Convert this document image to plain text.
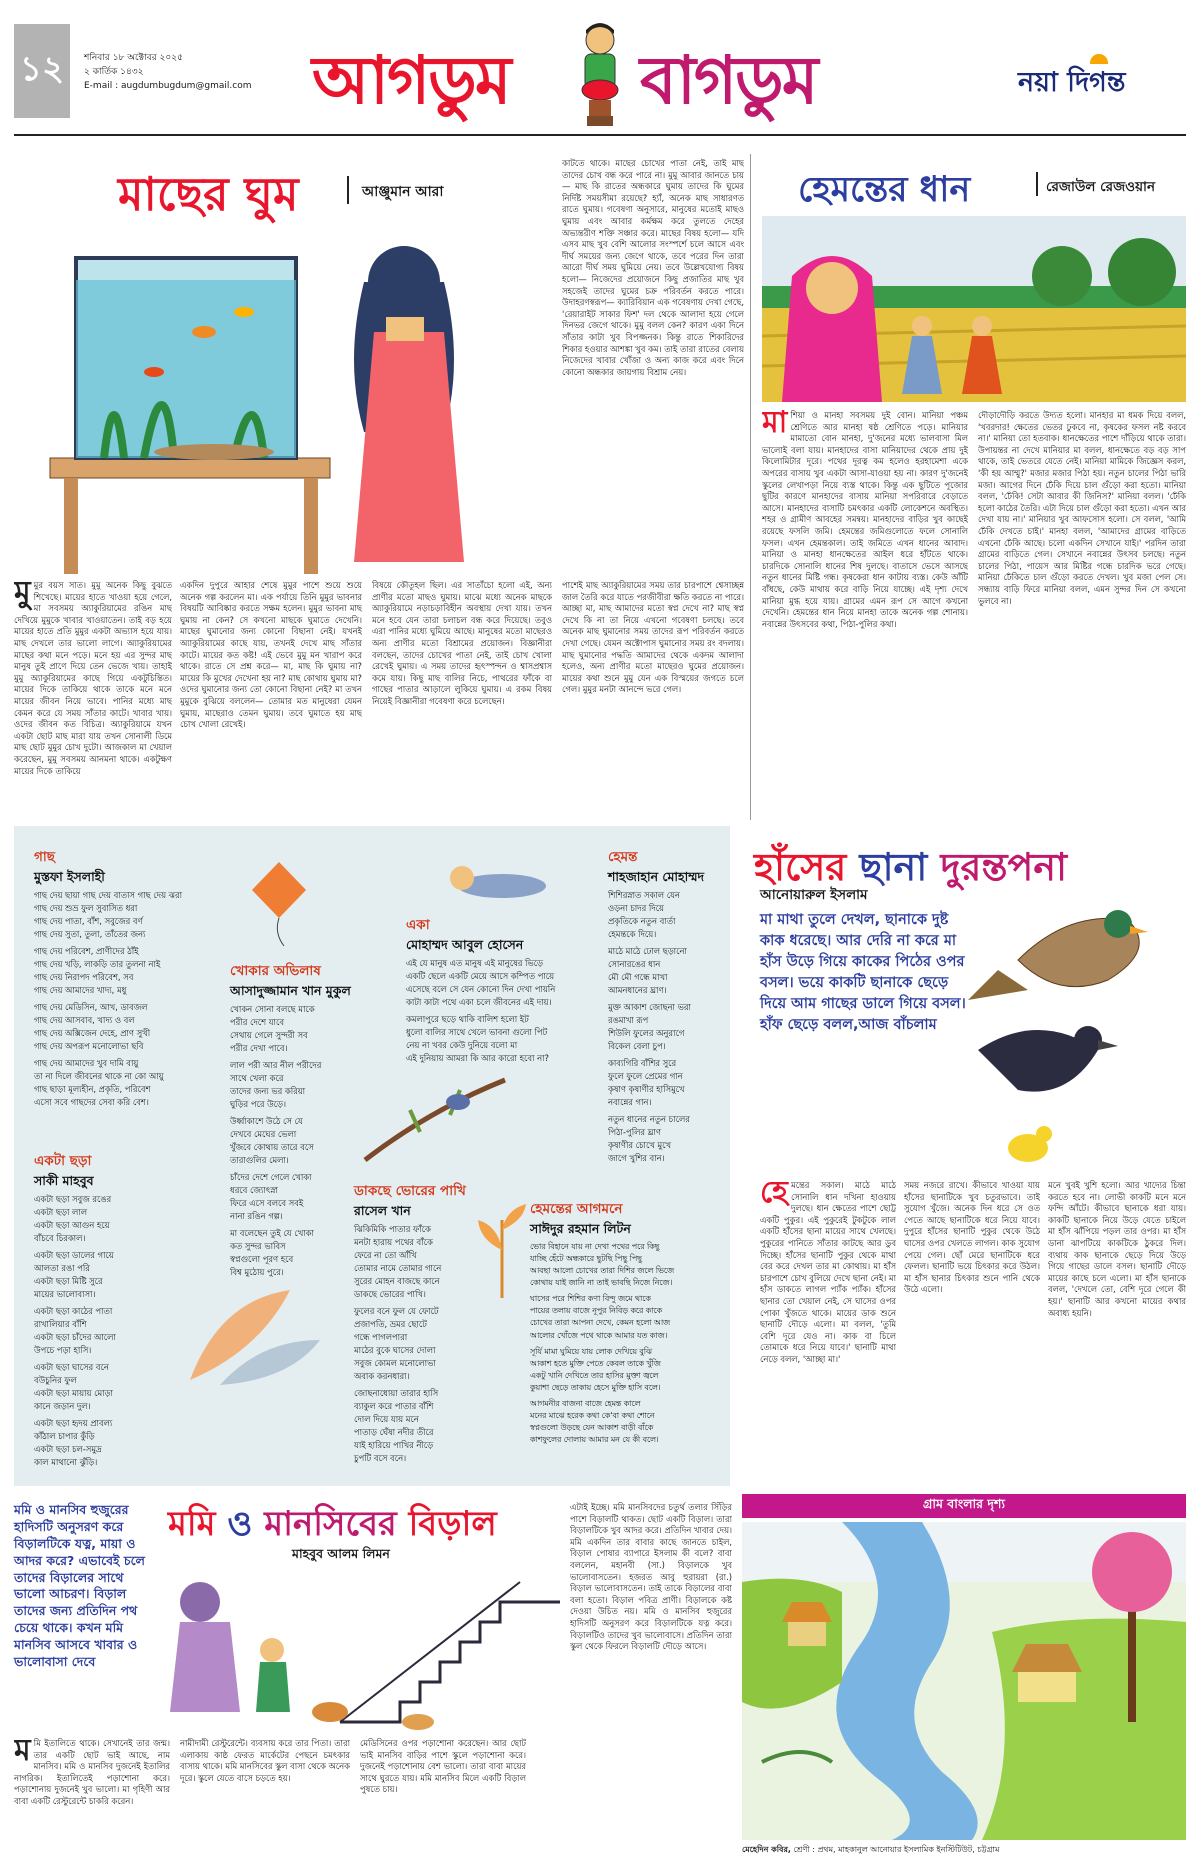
১২	শনিবার ১৮ অক্টোবর ২০২৫
২ কার্তিক ১৪৩২
E-mail : augdumbugdum@gmail.com আগডুম বাগডুম	নয়া দিগন্ত
মাছের ঘুম	আঞ্জুমান আরা
মুমুর বয়স সাত। মুমু অনেক কিছু বুঝতে শিখেছে। মায়ের হাতে খাওয়া হয়ে গেলে, মা সবসময় অ্যাকুরিয়ামের রঙিন মাছ দেখিয়ে মুমুকে খাবার খাওয়াতেন। তাই বড় হয়ে মায়ের হাতে প্রতি মুমুর একটা অভ্যাস হয়ে যায়। মাছ দেখলে তার ভালো লাগে। অ্যাকুরিয়ামের মাছের কথা মনে পড়ে। মনে হয় এর সুন্দর মাছ মানুষ তুই প্রাণে দিয়ে তেন ভেজে খায়। তাহাই মুমু অ্যাকুরিয়ামের কাছে গিয়ে একটুচিন্তিত। মায়ের দিকে তাকিয়ে থাকে তাকে মনে মনে মায়ের জীবন নিয়ে ভাবে। পানির মধ্যে মাছ কেমন করে যে সময় সাঁতার কাটে। খাবার খায়। ওদের জীবন কত বিচিত্র। অ্যাকুরিয়ামে যখন একটা ছোট মাছ মারা যায় তখন সোনালী ডিমে মাছ ছোট মুমুর চোখ দুটো। আজকাল মা খেয়াল করেছেন, মুমু সবসময় আনমনা থাকে। একটুক্ষণ মায়ের দিকে তাকিয়ে
একদিন দুপুরে আহার শেষে মুমুর পাশে শুয়ে শুয়ে অনেক গল্প করলেন মা। এক পর্যায়ে তিনি মুমুর ভাবনার বিষয়টি আবিষ্কার করতে সক্ষম হলেন। মুমুর ভাবনা মাছ ঘুমায় না কেন? সে কখনো মাছকে ঘুমাতে দেখেনি। মাছের ঘুমানোর জন্য কোনো বিছানা নেই। যখনই অ্যাকুরিয়ামের কাছে যায়, তখনই দেখে মাছ সাঁতার কাটে। মায়ের কত কষ্ট! এই ভেবে মুমু মন খারাপ করে থাকে। রাতে সে প্রশ্ন করে— মা, মাছ কি ঘুমায় না? মায়ের কি মুখের দেখেনা হয় না? মাছ কোথায় ঘুমায় মা? ওদের ঘুমানোর জন্য তো কোনো বিছানা নেই? মা তখন মুমুকে বুঝিয়ে বললেন— তোমার মত মানুষেরা যেমন ঘুমায়, মাছেরাও তেমন ঘুমায়। তবে ঘুমাতে হয় মাছ চোখ খোলা রেখেই।
বিষয়ে কৌতূহল ছিল। এর সাতাঁচো হলো এই, অন্য প্রাণীর মতো মাছও ঘুমায়। মাঝে মধ্যে অনেক মাছকে অ্যাকুরিয়ামে নড়াচড়াবিহীন অবস্থায় দেখা যায়। তখন মনে হবে যেন তারা চলাচল বন্ধ করে দিয়েছে। তবুও এরা পানির মধ্যে ঘুমিয়ে আছে। মানুষের মতো মাছেরও অন্য প্রাণীর মতো বিশ্রামের প্রয়োজন। বিজ্ঞানীরা বলছেন, তাদের চোখের পাতা নেই, তাই চোখ খোলা রেখেই ঘুমায়। এ সময় তাদের হৃৎস্পন্দন ও শ্বাসপ্রশ্বাস কমে যায়। কিছু মাছ বালির নিচে, পাথরের ফাঁকে বা গাছের পাতার আড়ালে লুকিয়ে ঘুমায়। এ রকম বিষয় নিয়েই বিজ্ঞানীরা গবেষণা করে চলেছেন।
কাটতে থাকে। মাছের চোখের পাতা নেই, তাই মাছ তাদের চোখ বন্ধ করে পারে না। মুমু আবার জানতে চায়— মাছ কি রাতের অন্ধকারে ঘুমায় তাদের কি ঘুমের নির্দিষ্ট সময়সীমা রয়েছে? হ্যাঁ, অনেক মাছ সাধারণত রাতে ঘুমায়। গবেষণা অনুসারে, মানুষের মতোই মাছও ঘুমায় এবং আবার কর্মক্ষম করে তুলতে দেহের অভ্যন্তরীণ শক্তি সঞ্চার করে। মাছের বিষয় হলো— যদি এসব মাছ খুব বেশি আলোর সংস্পর্শে চলে আসে এবং দীর্ঘ সময়ের জন্য জেগে থাকে, তবে পরের দিন তারা আরো দীর্ঘ সময় ঘুমিয়ে নেয়। তবে উল্লেখযোগ্য বিষয় হলো— নিজেদের প্রয়োজনে কিছু প্রজাতির মাছ খুব সহজেই তাদের ঘুমের চক্র পরিবর্তন করতে পারে। উদাহরণস্বরূপ— ক্যারিবিয়ান এক গবেষণায় দেখা গেছে, 'রেয়ারাইট সাকার ফিশ' দল থেকে আলাদা হয়ে গেলে দিনভর জেগে থাকে। মুমু বলল কেন? কারণ একা দিনে সাঁতার কাটা খুব বিপজ্জনক। কিন্তু রাতে শিকারিদের শিকার হওয়ার আশঙ্কা খুব কম। তাই তারা রাতের বেলায় নিজেদের খাবার খোঁজা ও অন্য কাজ করে এবং দিনে কোনো অন্ধকার জায়গায় বিশ্রাম নেয়।
পাশেই মাছ অ্যাকুরিয়ামের সময় তার চারপাশে শ্বেসাচ্ছন্ন জাল তৈরি করে যাতে পরজীবীরা ক্ষতি করতে না পারে। আচ্ছা মা, মাছ আমাদের মতো স্বপ্ন দেখে না? মাছ স্বপ্ন দেখে কি না তা নিয়ে এখনো গবেষণা চলছে। তবে অনেক মাছ ঘুমানোর সময় তাদের রূপ পরিবর্তন করতে দেখা গেছে। যেমন অক্টোপাস ঘুমানোর সময় রং বদলায়। মাছ ঘুমানোর পদ্ধতি আমাদের থেকে একদম আলাদা হলেও, অন্য প্রাণীর মতো মাছেরও ঘুমের প্রয়োজন। মায়ের কথা শুনে মুমু যেন এক বিস্ময়ের জগতে চলে গেল। মুমুর মনটা আনন্দে ভরে গেল।
হেমন্তের ধান	রেজাউল রেজওয়ান
মাশিয়া ও মানহা সবসময় দুই বোন। মানিয়া পঞ্চম শ্রেণিতে আর মানহা ষষ্ঠ শ্রেণিতে পড়ে। মানিয়ার মামাতো বোন মানহা, দু'জনের মধ্যে ভালবাসা মিল ভালোই বলা যায়। মানহাদের বাসা মানিয়াদের থেকে প্রায় দুই কিলোমিটার দূরে। পথের দূরত্ব কম হলেও হরহামেশা একে অপরের বাসায় খুব একটা আসা-যাওয়া হয় না। কারণ দু'জনেই স্কুলের লেখাপড়া নিয়ে ব্যস্ত থাকে। কিন্তু এক ছুটিতে পূজোর ছুটির কারণে মানহাদের বাসায় মানিয়া সপরিবারে বেড়াতে আসে। মানহাদের বাসাটি চমৎকার একটি লোকেশনে অবস্থিত। শহর ও গ্রামীণ আবহের সমন্বয়। মানহাদের বাড়ির খুব কাছেই রয়েছে ফসলি জমি। হেমন্তের জমিগুলোতে ফলে সোনালি ফসল। এখন হেমন্তকাল। তাই জমিতে এখন ধানের আবাদ। মানিয়া ও মানহা ধানক্ষেতের আইল ধরে হাঁটতে থাকে। চারদিকে সোনালি ধানের শিষ দুলছে। বাতাসে ভেসে আসছে নতুন ধানের মিষ্টি গন্ধ। কৃষকেরা ধান কাটায় ব্যস্ত। কেউ আঁটি বাঁধছে, কেউ মাথায় করে বাড়ি নিয়ে যাচ্ছে। এই দৃশ্য দেখে মানিয়া মুগ্ধ হয়ে যায়। গ্রামের এমন রূপ সে আগে কখনো দেখেনি। হেমন্তের ধান নিয়ে মানহা তাকে অনেক গল্প শোনায়। নবান্নের উৎসবের কথা, পিঠা-পুলির কথা।
দৌড়াদৌড়ি করতে উদ্যত হলো। মানহার মা ধমক দিয়ে বলল, 'খবরদার! ক্ষেতের ভেতর ঢুকবে না, কৃষকের ফসল নষ্ট করবে না।' মানিয়া তো হতবাক। ধানক্ষেতের পাশে দাঁড়িয়ে থাকে তারা। উপায়ন্তর না দেখে মানিয়ার মা বলল, ধানক্ষেতে বড় বড় সাপ থাকে, তাই ভেতরে যেতে নেই। মানিয়া মামিকে জিজ্ঞেস করল, 'কী হয় আম্মু?' মজার মজার পিঠা হয়। নতুন চালের পিঠা ভারি মজা। আগের দিনে ঢেঁকি দিয়ে চাল গুঁড়ো করা হতো। মানিয়া বলল, 'ঢেঁকি! সেটা আবার কী জিনিস?' মানিয়া বলল। 'ঢেঁকি হলো কাঠের তৈরি। এটা দিয়ে চাল গুঁড়ো করা হতো। এখন আর দেখা যায় না।' মানিয়ার খুব আফসোস হলো। সে বলল, 'আমি ঢেঁকি দেখতে চাই।' মানহা বলল, 'আমাদের গ্রামের বাড়িতে এখনো ঢেঁকি আছে। চলো একদিন সেখানে যাই।' পরদিন তারা গ্রামের বাড়িতে গেল। সেখানে নবান্নের উৎসব চলছে। নতুন চালের পিঠা, পায়েস আর মিষ্টির গন্ধে চারদিক ভরে গেছে। মানিয়া ঢেঁকিতে চাল গুঁড়ো করতে দেখল। খুব মজা পেল সে। সন্ধ্যায় বাড়ি ফিরে মানিয়া বলল, এমন সুন্দর দিন সে কখনো ভুলবে না।
গাছ
মুস্তফা ইসলাহী
গাছ দেয় ছায়া গাছ দেয় বাতাস গাছ দেয় ঝরা
গাছ দেয় শুভ্র ফুল সুবাসিত ধরা
গাছ দেয় পাতা, বাঁশ, সবুজের বর্ণ
গাছ দেয় সুতা, তুলা, তাঁতের জন্য

গাছ দেয় পরিবেশ, প্রাণীদের ঠাঁই
গাছ দেয় খড়ি, লাকড়ি তার তুলনা নাই
গাছ দেয় নিরাপদ পরিবেশ, সব
গাছ দেয় আমাদের খাদ্য, মধু

গাছ দেয় মেডিসিন, আখ, ডাবজল
গাছ দেয় আসবাব, খাদ্য ও বল
গাছ দেয় অক্সিজেন দেহে, প্রাণ সুখী
গাছ দেয় অপরূপ মনোলোভা ছবি

গাছ দেয় আমাদের খুব দামি বায়ু
তা না দিলে জীবনের থাকে না কো আয়ু
গাছ ছাড়া মূল্যহীন, প্রকৃতি, পরিবেশ
এসো সবে গাছদের সেবা করি বেশ।
খোকার অভিলাষ
আসাদুজ্জামান খান মুকুল
খোকন সোনা বলছে মাকে
পরীর দেশে যাবে
সেথায় গেলে সুন্দরী সব
পরীর দেখা পাবে।

লাল পরী আর নীল পরীদের
সাথে খেলা করে
তাদের জন্য ভর করিয়া
ঘুড়ির পরে উড়ে।

উর্ধ্বাকাশে উঠে সে যে
দেখবে মেঘের ভেলা
খুঁজবে কোথায় তারে বসে
তারাগুলির মেলা।

চাঁদের দেশে গেলে খোকা
ধরবে জ্যোৎস্না
ফিরে এসে বলবে সবই
নানা রঙিন গল্প।

মা বলেছেন তুই যে খোকা
কত সুন্দর ভাবিস
স্বপ্নগুলো পূরণ হবে
বিশ্ব মুঠোয় পুরে।
একা
মোহাম্মদ আবুল হোসেন
এই যে মানুষ এত মানুষ এই মানুষের ভিড়ে
একটি ছেলে একটি মেয়ে আসে কম্পিত পায়ে
এসেছে বলে সে যেন কোনো দিন দেখা পায়নি
কাটা কাটা পথে একা চলে জীবনের এই দায়।

কমলাপুরে ছড়ে থাকি বালিশ হলো ইট
ধুলো বালির সাথে খেলে ভাবনা গুলো পিট
নেয় না খবর কেউ দুনিয়ে বলো মা
এই দুনিয়ায় আমরা কি আর কারো হবো না?
হেমন্ত
শাহজাহান মোহাম্মদ
শিশিরস্নাত সকাল যেন
ওড়না চাদর দিয়ে
প্রকৃতিকে নতুন বার্তা
হেমন্তকে দিয়ে।

মাঠে মাঠে ঢোল ছড়ানো
সোনারঙের ধান
মৌ মৌ গন্ধে মাখা
আমনধানের ঘ্রাণ।

মুক্ত আকাশ জোছনা ভরা
রঙমাখা রূপ
শিউলি ফুলের অনুরাগে
বিকেল বেলা চুপ।

কাব্যগিরি বাঁশির সুরে
ফুলে ফুলে প্রেমের গান
কৃষাণ কৃষাণীর হাসিমুখে
নবান্নের গান।

নতুন ধানের নতুন চালের
পিঠা-পুলির ঘ্রাণ
কৃষাণীর চোখে মুখে
জাগে খুশির বান।
একটা ছড়া
সাকী মাহবুব
একটা ছড়া সবুজ রঙের
একটা ছড়া লাল
একটা ছড়া আগুন হয়ে
বাঁচবে চিরকাল।

একটা ছড়া ডালের গায়ে
আলতা রঙা পরি
একটা ছড়া মিষ্টি সুরে
মায়ের ভালোবাসা।

একটা ছড়া কাঠের পাতা
রাখালিয়ার বাঁশি
একটা ছড়া চাঁদের আলো
উপচে পড়া হাসি।

একটা ছড়া ঘাসের বনে
বউচুনির ফুল
একটা ছড়া মায়ায় মোড়া
কানে জড়ান দুল।

একটা ছড়া হৃদয় প্রাবল্য
কাঁঠাল চাপার কুঁড়ি
একটা ছড়া চল-সমুদ্র
কাল মাথানো ঝুঁড়ি।
ডাকছে ভোরের পাখি
রাসেল খান
ঝিকিমিকি পাতার ফাঁকে
মনটা হারায় পথের বাঁকে
ফেরে না তো আঁখি
তোমার নামে তোমার গানে
সুরের মোহন বাজছে কানে
ডাকছে ভোরের পাখি।

ফুলের বনে ফুল যে ফোটে
প্রজাপতি, ভ্রমর ছোটে
গন্ধে পাগলপারা
মাঠের বুকে ঘাসের দোলা
সবুজ কোমল মনোলোভা
অবাক করনধারা।

জোছনাধোয়া তারার হাসি
ব্যাকুল করে পাতার বাঁশি
দোল দিয়ে যায় মনে
পাতাড় ঘেঁষা নদীর তীরে
যাই হারিয়ে পাখির নীড়ে
চুপটি বসে বনে।
হেমন্তের আগমনে
সাঈদুর রহমান লিটন
ভোর বিহানে যায় না দেখা পথের পরে কিছু
যাচ্ছি হেঁটে অন্ধকারে ছুটছি পিছু পিছু
আবছা আলো চোখের তারা দিশির জলে ভিজে
কোথায় যাই জানি না তাই ভাবছি নিজে নিজে।

ঘাসের পরে শিশির কণা বিন্দু জমে থাকে
পায়ের তলায় বাজে নূপুর নিবিড় করে কাকে
চোখের তারা আপনা দেখে, কেমন হলো আজ
আলোর খোঁজে পথে থাকে আমার যত কাজ।

সূর্যি মামা ঘুমিয়ে যায় লোক দেখিয়ে বুঝি
আকাশ হতে মুক্তি পেতে কেবল তাকে খুঁজি
একটু খানি দেখিতে তার হাসির মুক্তা জ্বলে
কুয়াশা ছেড়ে তাকায় হেসে মুক্তি হাসি বলে।

আগমনীর বাজনা বাজে হেমন্ত কালে
মনের মাঝে হরেক কথা কে'বা কথা শোনে
স্বপ্নগুলো উড়ছে যেন আকাশ বাড়ী বাঁকে
কাশফুলের দোলায় আমার মন যে কী বলে।
হাঁসের ছানা দুরন্তপনা
আনোয়ারুল ইসলাম
মা মাথা তুলে দেখল, ছানাকে দুষ্ট কাক ধরেছে। আর দেরি না করে মা হাঁস উড়ে গিয়ে কাকের পিঠের ওপর বসল। ভয়ে কাকটি ছানাকে ছেড়ে দিয়ে আম গাছের ডালে গিয়ে বসল। হাঁফ ছেড়ে বলল,আজ বাঁচলাম
হেমন্তের সকাল। মাঠে মাঠে সোনালি ধান দখিনা হাওয়ায় দুলছে। ধান ক্ষেতের পাশে ছোট্ট একটি পুকুর। এই পুকুরেই টুকটুকে লাল একটি হাঁসের ছানা মায়ের সাথে খেলছে। পুকুরের পানিতে সাঁতার কাটছে আর ডুব দিচ্ছে। হাঁসের ছানাটি পুকুর থেকে মাথা বের করে দেখল তার মা কোথায়। মা হাঁস চারপাশে চোখ বুলিয়ে দেখে ছানা নেই। মা হাঁস ডাকতে লাগল প্যাঁক প্যাঁক। হাঁসের ছানার তো খেয়াল নেই, সে ঘাসের ওপর পোকা খুঁজতে থাকে। মায়ের ডাক শুনে ছানাটি দৌড়ে এলো। মা বলল, 'তুমি বেশি দূরে যেও না। কাক বা চিলে তোমাকে ধরে নিয়ে যাবে।' ছানাটি মাথা নেড়ে বলল, 'আচ্ছা মা।'
সময় নজরে রাখে। কীভাবে খাওয়া যায় হাঁসের ছানাটিকে খুব চতুরভাবে। তাই সুযোগ খুঁজে। অনেক দিন ধরে সে ওত পেতে আছে ছানাটিকে ধরে নিয়ে যাবে। দুপুরে হাঁসের ছানাটি পুকুর থেকে উঠে ঘাসের ওপর খেলতে লাগল। কাক সুযোগ পেয়ে গেল। ছোঁ মেরে ছানাটিকে ধরে ফেলল। ছানাটি ভয়ে চিৎকার করে উঠল। মা হাঁস ছানার চিৎকার শুনে পানি থেকে উঠে এলো।
মনে খুবই খুশি হলো। আর খাদ্যের চিন্তা করতে হবে না। লোভী কাকটি মনে মনে ফন্দি আঁটে। কীভাবে ছানাকে ধরা যায়। কাকটি ছানাকে নিয়ে উড়ে যেতে চাইলে মা হাঁস ঝাঁপিয়ে পড়ল তার ওপর। মা হাঁস ডানা ঝাপটিয়ে কাকটিকে ঠুকরে দিল। ব্যথায় কাক ছানাকে ছেড়ে দিয়ে উড়ে গিয়ে গাছের ডালে বসল। ছানাটি দৌড়ে মায়ের কাছে চলে এলো। মা হাঁস ছানাকে বলল, 'দেখলে তো, বেশি দূরে গেলে কী হয়।' ছানাটি আর কখনো মায়ের কথার অবাধ্য হয়নি।
মমি ও মানসিব হুজুরের হাদিসটি অনুসরণ করে বিড়ালটিকে যত্ন, মায়া ও আদর করে? এভাবেই চলে তাদের বিড়ালের সাথে ভালো আচরণ। বিড়াল তাদের জন্য প্রতিদিন পথ চেয়ে থাকে। কখন মমি মানসিব আসবে খাবার ও ভালোবাসা দেবে
মমি ও মানসিবের বিড়াল
মাহবুব আলম লিমন
মমি ইতালিতে থাকে। সেখানেই তার জন্ম। তার একটি ছোট ভাই আছে, নাম মানসিব। মমি ও মানসিব দুজনেই ইতালির নাগরিক। ইতালিতেই পড়াশোনা করে। পড়াশোনায় দুজনেই খুব ভালো। মা গৃহিণী আর বাবা একটি রেস্টুরেন্টে চাকরি করেন।
নামীদামী রেস্টুরেন্টে। ব্যবসায় করে তার পিতা। তারা এলাকায় কাষ্ঠ ফেরত মার্কেটের পেছনে চমৎকার বাসায় থাকে। মমি মানসিবের স্কুল বাসা থেকে অনেক দূরে। স্কুলে যেতে বাসে চড়তে হয়।
মেডিসিনের ওপর পড়াশোনা করেছেন। আর ছোট ভাই মানসিব বাড়ির পাশে স্কুলে পড়াশোনা করে। দুজনেই পড়াশোনায় বেশ ভালো। তারা বাবা মায়ের সাথে ঘুরতে যায়। মমি মানসিব মিলে একটি বিড়াল পুষতে চায়।
এটাই ইচ্ছে। মমি মানসিবদের চতুর্থ তলার সিঁড়ির পাশে বিড়ালটি থাকত। ছোট একটি বিড়াল। তারা বিড়ালটিকে খুব আদর করে। প্রতিদিন খাবার দেয়। মমি একদিন তার বাবার কাছে জানতে চাইল, বিড়াল পোষার ব্যাপারে ইসলাম কী বলে? বাবা বললেন, মহানবী (সা.) বিড়ালকে খুব ভালোবাসতেন। হজরত আবু হুরায়রা (রা.) বিড়াল ভালোবাসতেন। তাই তাকে বিড়ালের বাবা বলা হতো। বিড়াল পবিত্র প্রাণী। বিড়ালকে কষ্ট দেওয়া উচিত নয়। মমি ও মানসিব হুজুরের হাদিসটি অনুসরণ করে বিড়ালটিকে যত্ন করে। বিড়ালটিও তাদের খুব ভালোবাসে। প্রতিদিন তারা স্কুল থেকে ফিরলে বিড়ালটি দৌড়ে আসে।
গ্রাম বাংলার দৃশ্য
মেহেদিন কবির, শ্রেণী : প্রথম, মাহকানুল আনোয়ার ইসলামিক ইনস্টিটিউট, চট্টগ্রাম
